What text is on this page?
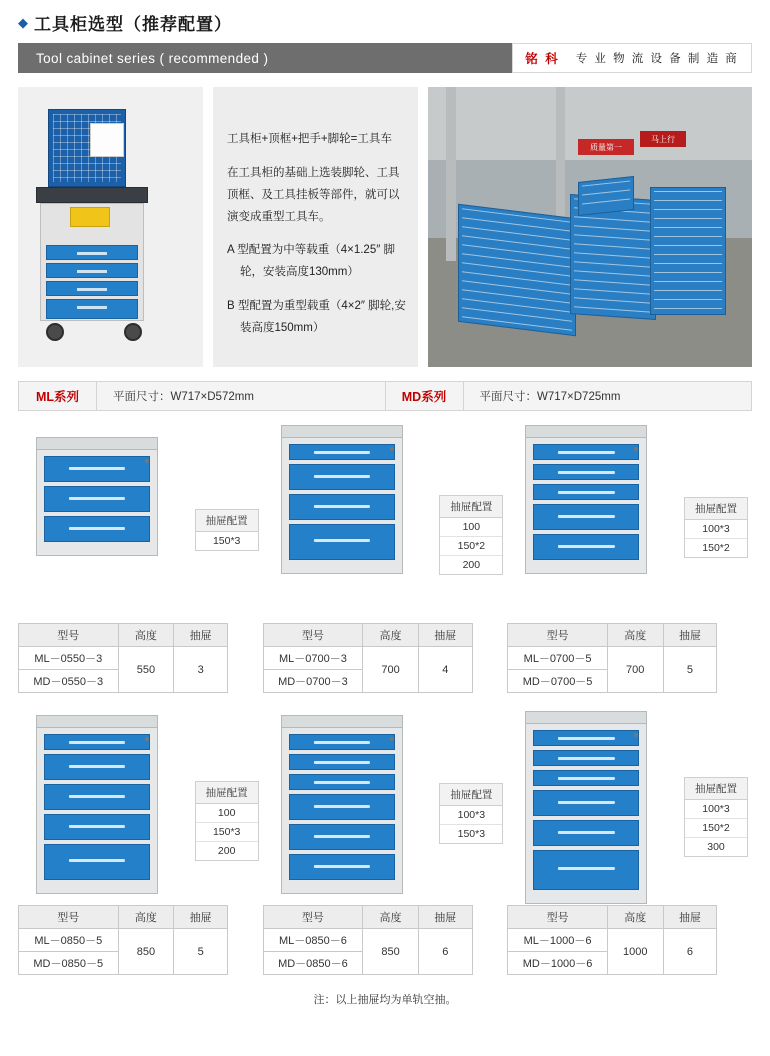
◆ 工具柜选型（推荐配置）
Tool cabinet series ( recommended )	铭 科 专 业 物 流 设 备 制 造 商

工具柜+顶框+把手+脚轮=工具车

在工具柜的基础上选装脚轮、工具顶框、及工具挂板等部件，就可以演变成重型工具车。

A 型配置为中等载重（4×1.25″ 脚轮，安装高度130mm）

B 型配置为重型载重（4×2″ 脚轮,安装高度150mm）

质量第一
马上行
ML系列	平面尺寸：W717×D572mm	MD系列	平面尺寸：W717×D725mm
抽屉配置
150*3
型号	高度	抽屉
ML－0550－3	550	3
MD－0550－3		
抽屉配置
100
150*2
200
型号	高度	抽屉
ML－0700－3	700	4
MD－0700－3		
抽屉配置
100*3
150*2
型号	高度	抽屉
ML－0700－5	700	5
MD－0700－5		
抽屉配置
100
150*3
200
型号	高度	抽屉
ML－0850－5	850	5
MD－0850－5		
抽屉配置
100*3
150*3
型号	高度	抽屉
ML－0850－6	850	6
MD－0850－6		
抽屉配置
100*3
150*2
300
型号	高度	抽屉
ML－1000－6	1000	6
MD－1000－6		
注：以上抽屉均为单轨空抽。
